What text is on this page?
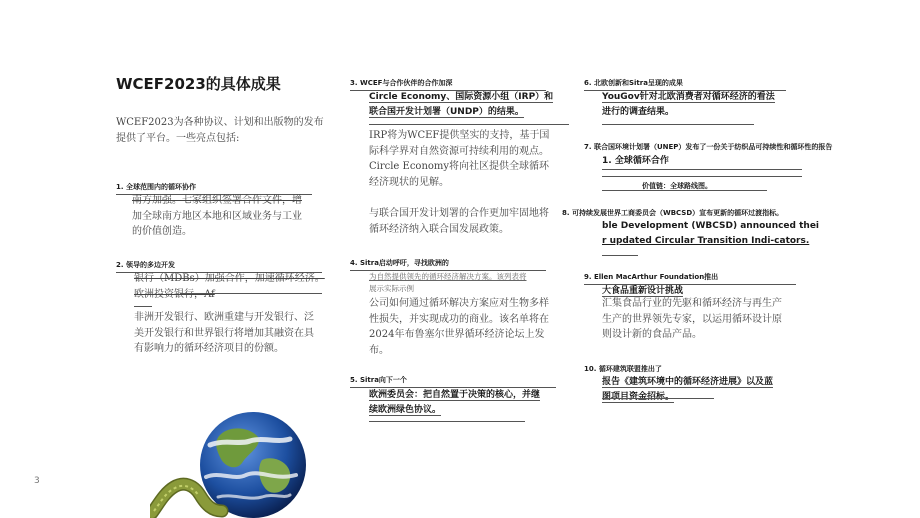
WCEF2023的具体成果
WCEF2023为各种协议、计划和出版物的发布提供了平台。一些亮点包括:
1. 全球范围内的循环协作
南方加强。七家组织签署合作文件，增
加全球南方地区本地和区域业务与工业
的价值创造。
2. 领导的多边开发
银行（MDBs）加强合作，加速循环经济。
欧洲投资银行，Af
非洲开发银行、欧洲重建与开发银行、泛
美开发银行和世界银行将增加其融资在具
有影响力的循环经济项目的份额。
3. WCEF与合作伙伴的合作加深
Circle Economy、国际资源小组（IRP）和
联合国开发计划署（UNDP）的结果。
IRP将为WCEF提供坚实的支持，基于国
际科学界对自然资源可持续利用的观点。
Circle Economy将向社区提供全球循环
经济现状的见解。
与联合国开发计划署的合作更加牢固地将
循环经济纳入联合国发展政策。
4. Sitra启动呼吁，寻找欧洲的
为自然提供领先的循环经济解决方案。该列表将
展示实际示例
公司如何通过循环解决方案应对生物多样
性损失，并实现成功的商业。该名单将在
2024年布鲁塞尔世界循环经济论坛上发
布。
5. Sitra向下一个
欧洲委员会：把自然置于决策的核心，并继
续欧洲绿色协议。
6. 北欧创新和Sitra呈现的成果
YouGov针对北欧消费者对循环经济的看法
进行的调查结果。
7. 联合国环境计划署（UNEP）发布了一份关于纺织品可持续性和循环性的报告
1. 全球循环合作
价值链：全球路线图。
8. 可持续发展世界工商委员会（WBCSD）宣布更新的循环过渡指标。
ble Development (WBCSD) announced thei
r updated Circular Transition Indi-cators.
9. Ellen MacArthur Foundation推出
大食品重新设计挑战
汇集食品行业的先驱和循环经济与再生产
生产的世界领先专家，以运用循环设计原
则设计新的食品产品。
10. 循环建筑联盟推出了
报告《建筑环境中的循环经济进展》以及蓝
图项目资金招标。
3
